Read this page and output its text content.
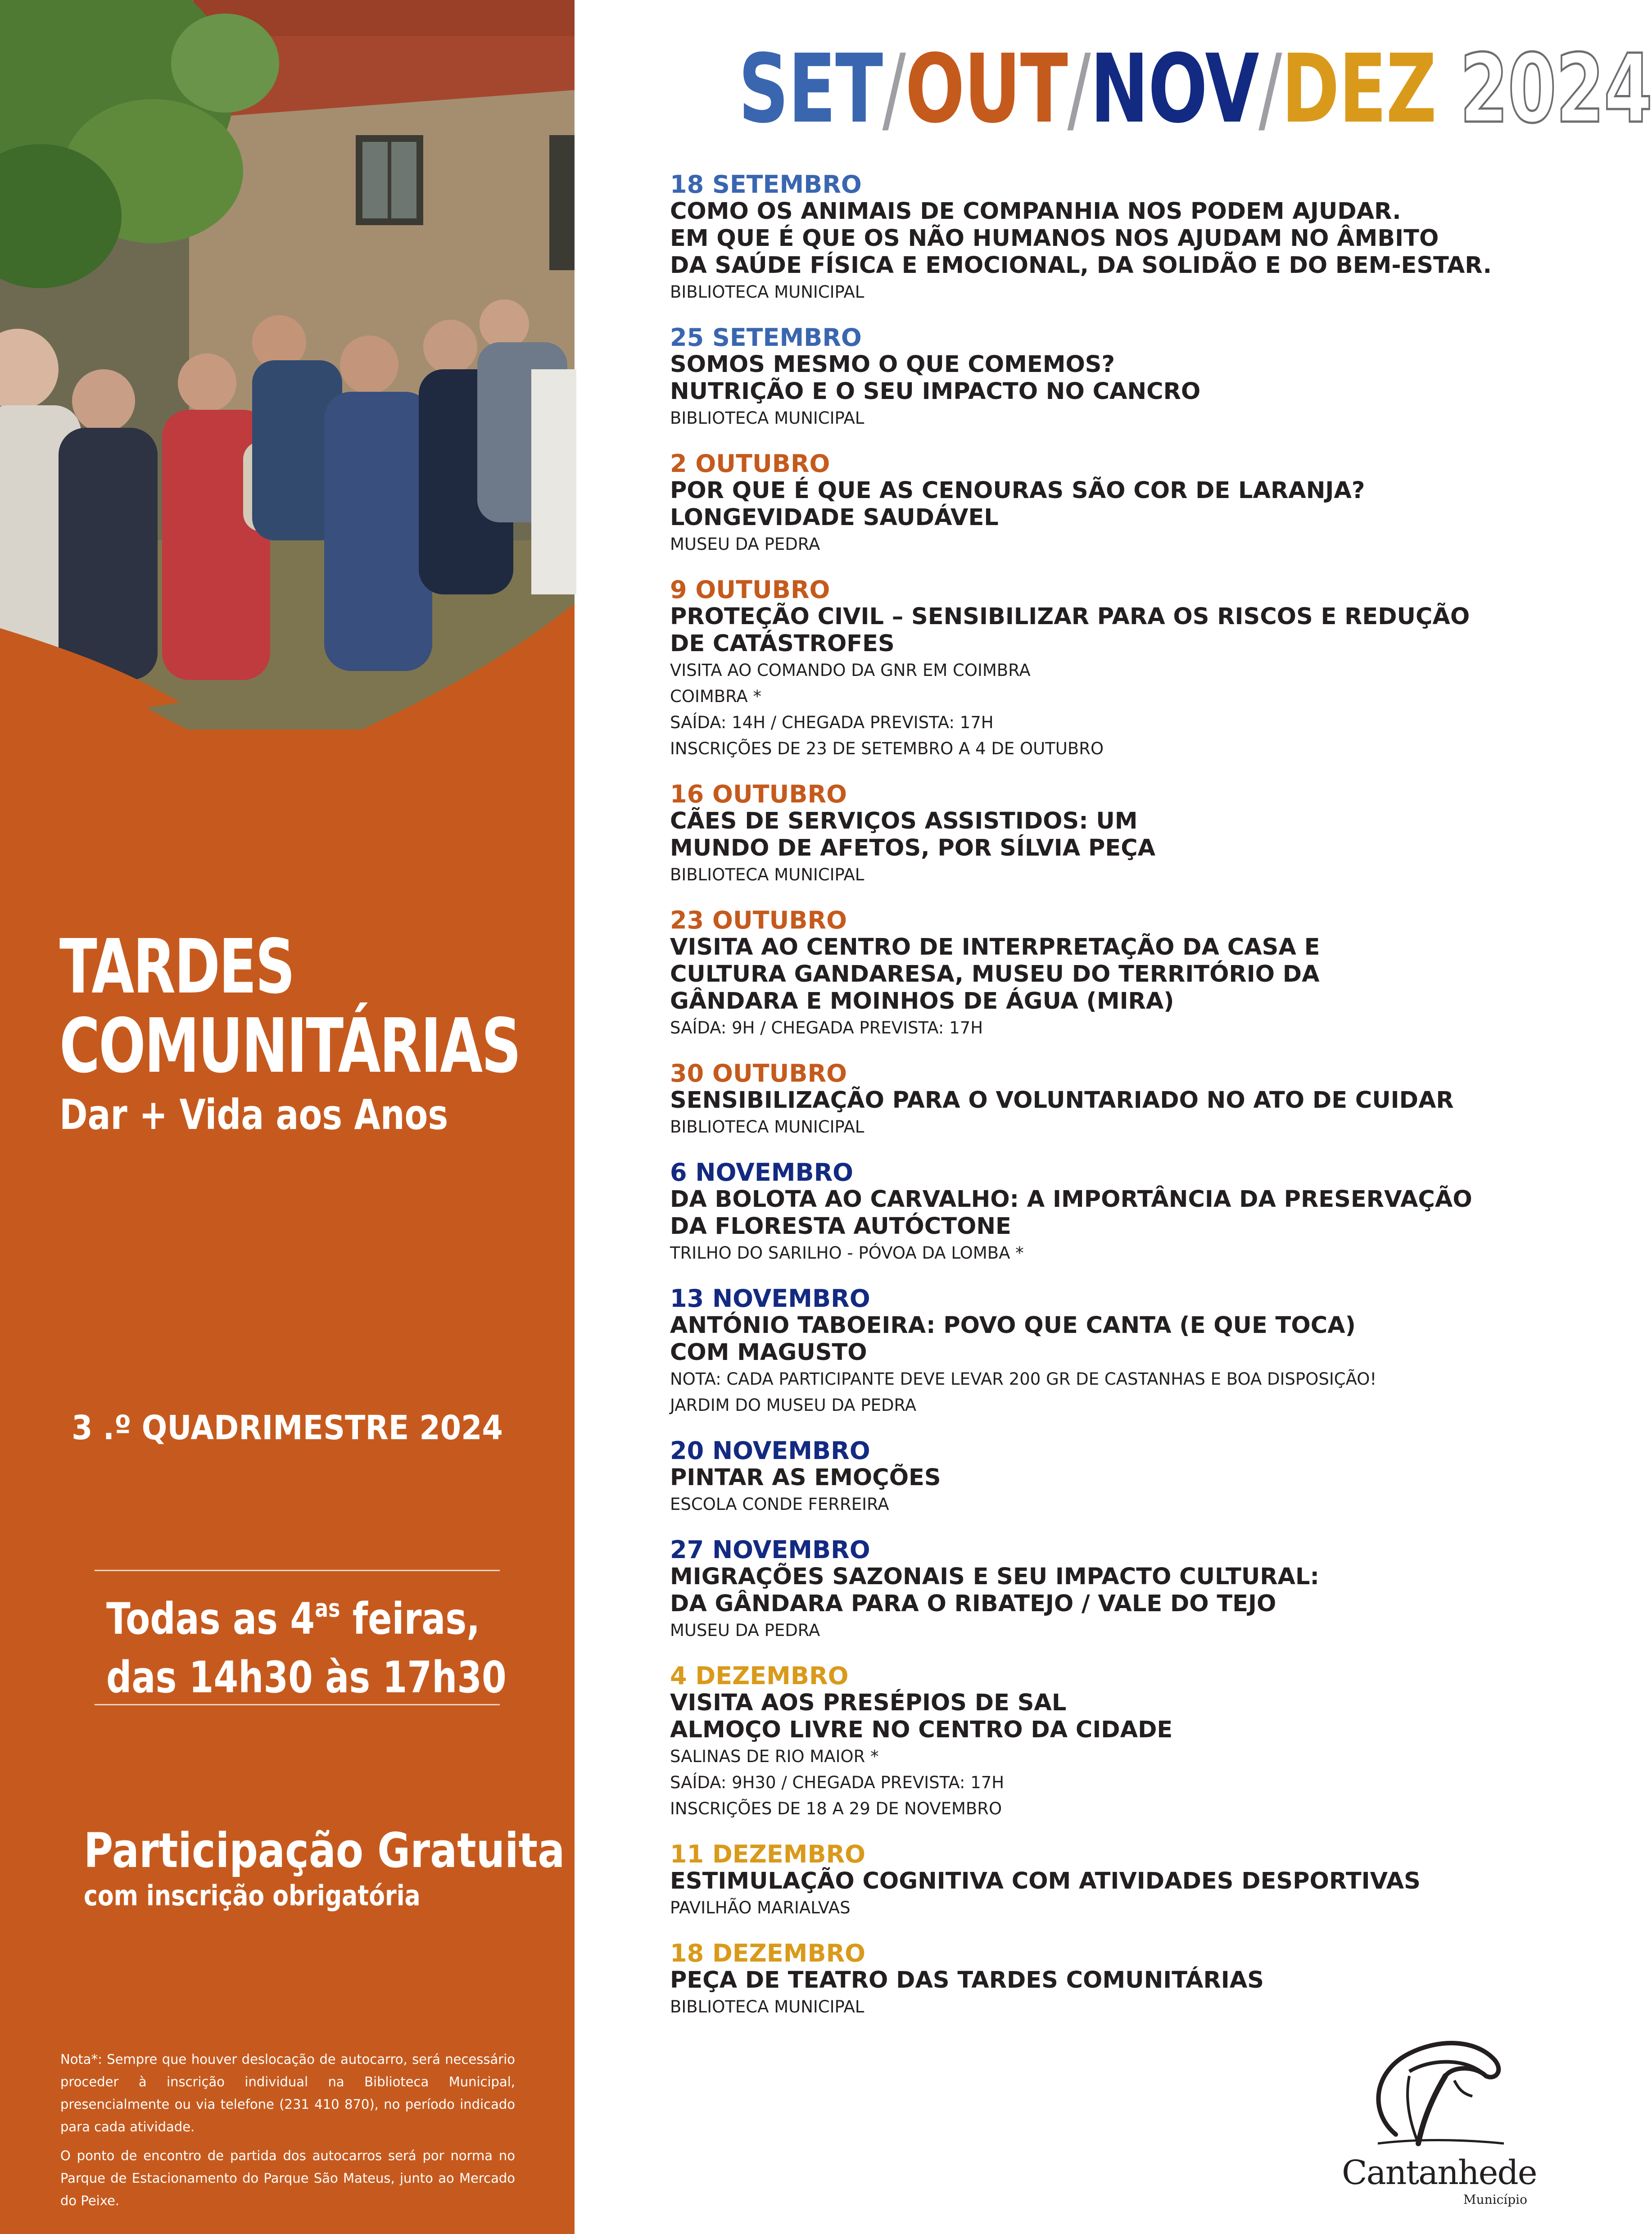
TARDES
COMUNITÁRIAS
Dar + Vida aos Anos
3 .º QUADRIMESTRE 2024
Todas as $4^{as}$ feiras,
das 14h30 às 17h30
Participação Gratuita
com inscrição obrigatória
Nota*: Sempre que houver deslocação de autocarro, será necessário proceder à inscrição individual na Biblioteca Municipal, presencialmente ou via telefone (231 410 870), no período indicado para cada atividade.
O ponto de encontro de partida dos autocarros será por norma no Parque de Estacionamento do Parque São Mateus, junto ao Mercado do Peixe.
SET/OUT/NOV/DEZ 2024
18 SETEMBRO
COMO OS ANIMAIS DE COMPANHIA NOS PODEM AJUDAR.
EM QUE É QUE OS NÃO HUMANOS NOS AJUDAM NO ÂMBITO
DA SAÚDE FÍSICA E EMOCIONAL, DA SOLIDÃO E DO BEM-ESTAR.
BIBLIOTECA MUNICIPAL
25 SETEMBRO
SOMOS MESMO O QUE COMEMOS?
NUTRIÇÃO E O SEU IMPACTO NO CANCRO
BIBLIOTECA MUNICIPAL
2 OUTUBRO
POR QUE É QUE AS CENOURAS SÃO COR DE LARANJA?
LONGEVIDADE SAUDÁVEL
MUSEU DA PEDRA
9 OUTUBRO
PROTEÇÃO CIVIL – SENSIBILIZAR PARA OS RISCOS E REDUÇÃO
DE CATÁSTROFES
VISITA AO COMANDO DA GNR EM COIMBRA
COIMBRA *
SAÍDA: 14H / CHEGADA PREVISTA: 17H
INSCRIÇÕES DE 23 DE SETEMBRO A 4 DE OUTUBRO
16 OUTUBRO
CÃES DE SERVIÇOS ASSISTIDOS: UM
MUNDO DE AFETOS, POR SÍLVIA PEÇA
BIBLIOTECA MUNICIPAL
23 OUTUBRO
VISITA AO CENTRO DE INTERPRETAÇÃO DA CASA E
CULTURA GANDARESA, MUSEU DO TERRITÓRIO DA
GÂNDARA E MOINHOS DE ÁGUA (MIRA)
SAÍDA: 9H / CHEGADA PREVISTA: 17H
30 OUTUBRO
SENSIBILIZAÇÃO PARA O VOLUNTARIADO NO ATO DE CUIDAR
BIBLIOTECA MUNICIPAL
6 NOVEMBRO
DA BOLOTA AO CARVALHO: A IMPORTÂNCIA DA PRESERVAÇÃO
DA FLORESTA AUTÓCTONE
TRILHO DO SARILHO - PÓVOA DA LOMBA *
13 NOVEMBRO
ANTÓNIO TABOEIRA: POVO QUE CANTA (E QUE TOCA)
COM MAGUSTO
NOTA: CADA PARTICIPANTE DEVE LEVAR 200 GR DE CASTANHAS E BOA DISPOSIÇÃO!
JARDIM DO MUSEU DA PEDRA
20 NOVEMBRO
PINTAR AS EMOÇÕES
ESCOLA CONDE FERREIRA
27 NOVEMBRO
MIGRAÇÕES SAZONAIS E SEU IMPACTO CULTURAL:
DA GÂNDARA PARA O RIBATEJO / VALE DO TEJO
MUSEU DA PEDRA
4 DEZEMBRO
VISITA AOS PRESÉPIOS DE SAL
ALMOÇO LIVRE NO CENTRO DA CIDADE
SALINAS DE RIO MAIOR *
SAÍDA: 9H30 / CHEGADA PREVISTA: 17H
INSCRIÇÕES DE 18 A 29 DE NOVEMBRO
11 DEZEMBRO
ESTIMULAÇÃO COGNITIVA COM ATIVIDADES DESPORTIVAS
PAVILHÃO MARIALVAS
18 DEZEMBRO
PEÇA DE TEATRO DAS TARDES COMUNITÁRIAS
BIBLIOTECA MUNICIPAL
Cantanhede
Município
